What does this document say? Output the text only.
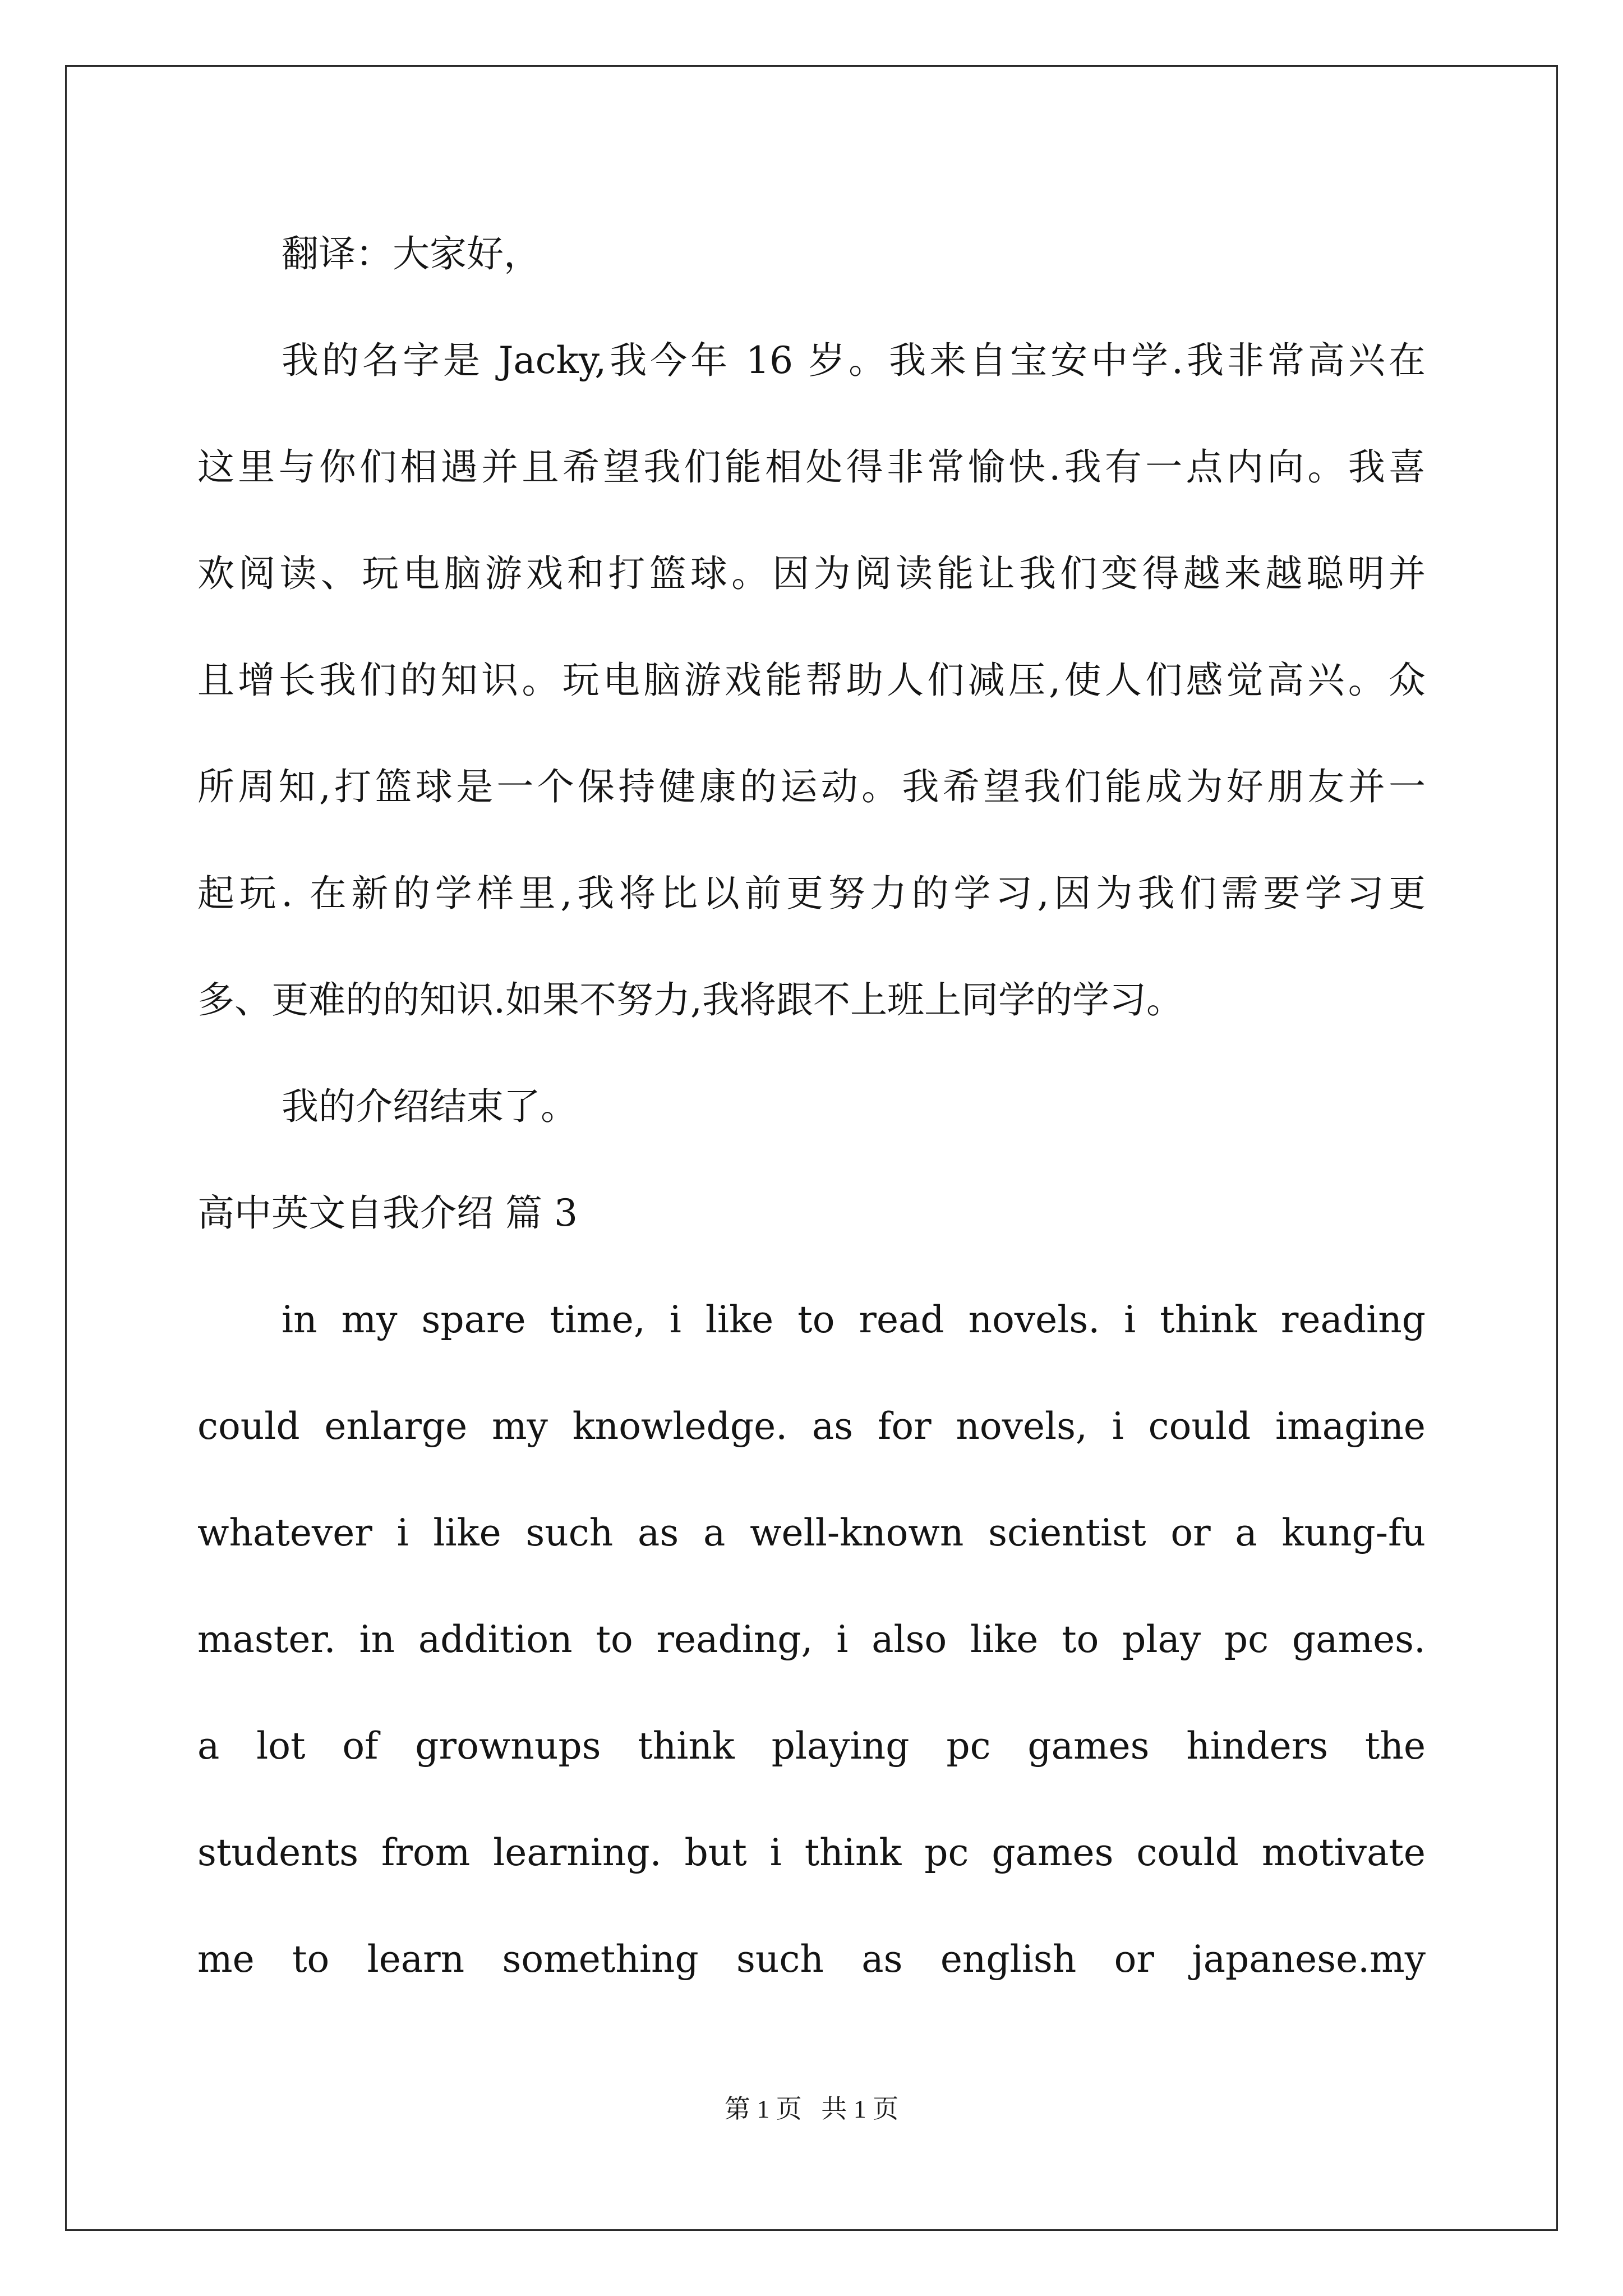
翻译：大家好，
我的名字是 Jacky,我今年 16 岁。我来自宝安中学.我非常高兴在
这里与你们相遇并且希望我们能相处得非常愉快.我有一点内向。我喜
欢阅读、玩电脑游戏和打篮球。因为阅读能让我们变得越来越聪明并
且增长我们的知识。玩电脑游戏能帮助人们减压,使人们感觉高兴。众
所周知,打篮球是一个保持健康的运动。我希望我们能成为好朋友并一
起玩. 在新的学样里,我将比以前更努力的学习,因为我们需要学习更
多、更难的的知识.如果不努力,我将跟不上班上同学的学习。
我的介绍结束了。
高中英文自我介绍 篇 3
in my spare time, i like to read novels. i think reading
could enlarge my knowledge. as for novels, i could imagine
whatever i like such as a well-known scientist or a kung-fu
master. in addition to reading, i also like to play pc games.
a lot of grownups think playing pc games hinders the
students from learning. but i think pc games could motivate
me to learn something such as english or japanese.my
第 1 页   共 1 页
